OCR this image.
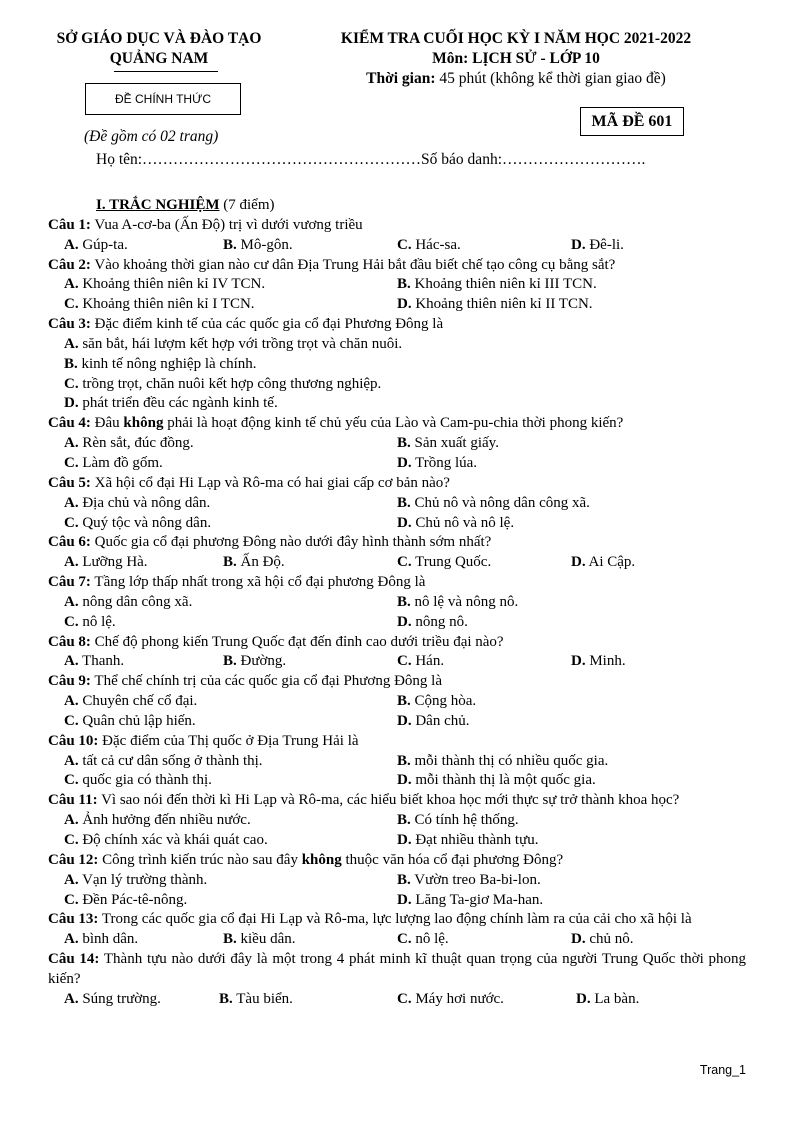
SỞ GIÁO DỤC VÀ ĐÀO TẠO
QUẢNG NAM
KIỂM TRA CUỐI HỌC KỲ I NĂM HỌC 2021-2022
Môn: LỊCH SỬ - LỚP 10
Thời gian: 45 phút (không kể thời gian giao đề)
ĐỀ CHÍNH THỨC
MÃ ĐỀ 601
(Đề gồm có 02 trang)
Họ tên:………………………………………………Số báo danh:……………………….
I. TRẮC NGHIỆM (7 điểm)
Câu 1: Vua A-cơ-ba (Ấn Độ) trị vì dưới vương triều
A. Gúp-ta.	B. Mô-gôn.	C. Hác-sa.	D. Đê-li.
Câu 2: Vào khoảng thời gian nào cư dân Địa Trung Hải bắt đầu biết chế tạo công cụ bằng sắt?
A. Khoảng thiên niên kỉ IV TCN.	B. Khoảng thiên niên kỉ III TCN.
C. Khoảng thiên niên kỉ I TCN.	D. Khoảng thiên niên kỉ II TCN.
Câu 3: Đặc điểm kinh tế của các quốc gia cổ đại Phương Đông là
A. săn bắt, hái lượm kết hợp với trồng trọt và chăn nuôi.
B. kinh tế nông nghiệp là chính.
C. trồng trọt, chăn nuôi kết hợp công thương nghiệp.
D. phát triển đều các ngành kinh tế.
Câu 4: Đâu không phải là hoạt động kinh tế chủ yếu của Lào và Cam-pu-chia thời phong kiến?
A. Rèn sắt, đúc đồng.	B. Sản xuất giấy.
C. Làm đồ gốm.	D. Trồng lúa.
Câu 5: Xã hội cổ đại Hi Lạp và Rô-ma có hai giai cấp cơ bản nào?
A. Địa chủ và nông dân.	B. Chủ nô và nông dân công xã.
C. Quý tộc và nông dân.	D. Chủ nô và nô lệ.
Câu 6: Quốc gia cổ đại phương Đông nào dưới đây hình thành sớm nhất?
A. Lưỡng Hà.	B. Ấn Độ.	C. Trung Quốc.	D. Ai Cập.
Câu 7: Tầng lớp thấp nhất trong xã hội cổ đại phương Đông là
A. nông dân công xã.	B. nô lệ và nông nô.
C. nô lệ.	D. nông nô.
Câu 8: Chế độ phong kiến Trung Quốc đạt đến đỉnh cao dưới triều đại nào?
A. Thanh.	B. Đường.	C. Hán.	D. Minh.
Câu 9: Thể chế chính trị của các quốc gia cổ đại Phương Đông là
A. Chuyên chế cổ đại.	B. Cộng hòa.
C. Quân chủ lập hiến.	D. Dân chủ.
Câu 10: Đặc điểm của Thị quốc ở Địa Trung Hải là
A. tất cả cư dân sống ở thành thị.	B. mỗi thành thị có nhiều quốc gia.
C. quốc gia có thành thị.	D. mỗi thành thị là một quốc gia.
Câu 11: Vì sao nói đến thời kì Hi Lạp và Rô-ma, các hiểu biết khoa học mới thực sự trở thành khoa học?
A. Ảnh hưởng đến nhiều nước.	B. Có tính hệ thống.
C. Độ chính xác và khái quát cao.	D. Đạt nhiều thành tựu.
Câu 12: Công trình kiến trúc nào sau đây không thuộc văn hóa cổ đại phương Đông?
A. Vạn lý trường thành.	B. Vườn treo Ba-bi-lon.
C. Đền Pác-tê-nông.	D. Lăng Ta-giơ Ma-han.
Câu 13: Trong các quốc gia cổ đại Hi Lạp và Rô-ma, lực lượng lao động chính làm ra của cải cho xã hội là
A. bình dân.	B. kiều dân.	C. nô lệ.	D. chủ nô.
Câu 14: Thành tựu nào dưới đây là một trong 4 phát minh kĩ thuật quan trọng của người Trung Quốc thời phong kiến?
A. Súng trường.	B. Tàu biển.	C. Máy hơi nước.	D. La bàn.
Trang_1
